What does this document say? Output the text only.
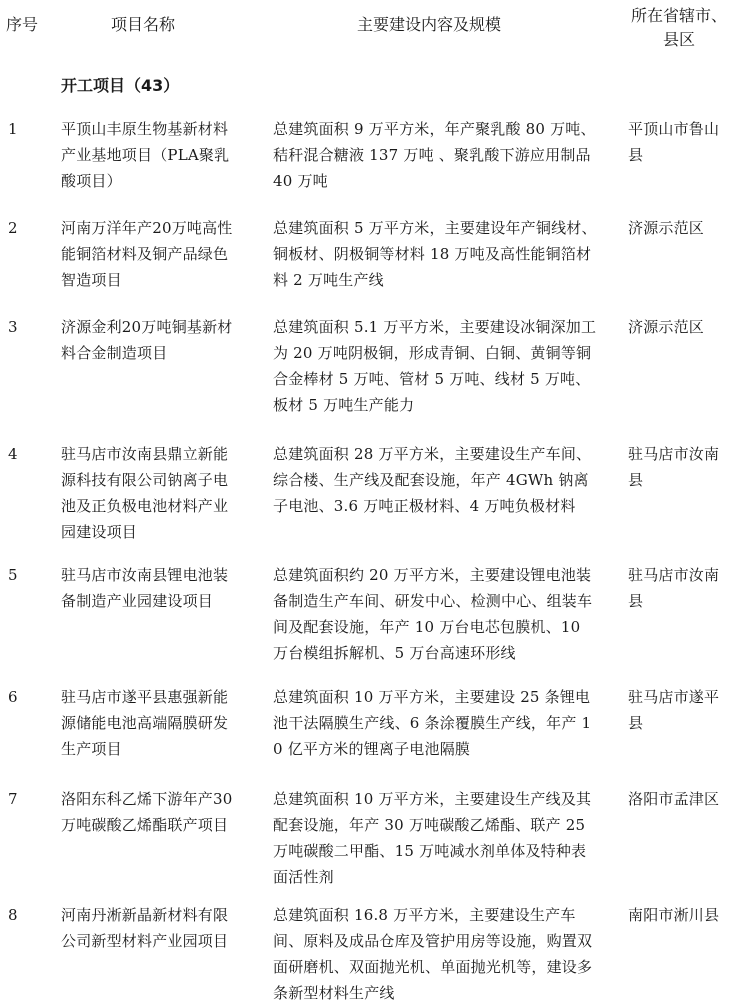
序号	项目名称	主要建设内容及规模	所在省辖市、县区
开工项目（43）
1	平顶山丰原生物基新材料产业基地项目（PLA聚乳酸项目）
总建筑面积 9 万平方米，年产聚乳酸 80 万吨、秸秆混合糖液 137 万吨 、聚乳酸下游应用制品 40 万吨
平顶山市鲁山县
2	河南万洋年产20万吨高性能铜箔材料及铜产品绿色智造项目
总建筑面积 5 万平方米，主要建设年产铜线材、铜板材、阴极铜等材料 18 万吨及高性能铜箔材料 2 万吨生产线
济源示范区
3	济源金利20万吨铜基新材料合金制造项目
总建筑面积 5.1 万平方米，主要建设冰铜深加工为 20 万吨阴极铜，形成青铜、白铜、黄铜等铜合金棒材 5 万吨、管材 5 万吨、线材 5 万吨、板材 5 万吨生产能力
济源示范区
4	驻马店市汝南县鼎立新能源科技有限公司钠离子电池及正负极电池材料产业园建设项目
总建筑面积 28 万平方米，主要建设生产车间、综合楼、生产线及配套设施，年产 4GWh 钠离子电池、3.6 万吨正极材料、4 万吨负极材料
驻马店市汝南县
5	驻马店市汝南县锂电池装备制造产业园建设项目
总建筑面积约 20 万平方米，主要建设锂电池装备制造生产车间、研发中心、检测中心、组装车间及配套设施，年产 10 万台电芯包膜机、10 万台模组拆解机、5 万台高速环形线
驻马店市汝南县
6	驻马店市遂平县惠强新能源储能电池高端隔膜研发生产项目
总建筑面积 10 万平方米，主要建设 25 条锂电池干法隔膜生产线、6 条涂覆膜生产线，年产 10 亿平方米的锂离子电池隔膜
驻马店市遂平县
7	洛阳东科乙烯下游年产30 万吨碳酸乙烯酯联产项目
总建筑面积 10 万平方米，主要建设生产线及其配套设施，年产 30 万吨碳酸乙烯酯、联产 25 万吨碳酸二甲酯、15 万吨减水剂单体及特种表面活性剂
洛阳市孟津区
8	河南丹淅新晶新材料有限公司新型材料产业园项目
总建筑面积 16.8 万平方米，主要建设生产车间、原料及成品仓库及管护用房等设施，购置双面研磨机、双面抛光机、单面抛光机等，建设多条新型材料生产线
南阳市淅川县
